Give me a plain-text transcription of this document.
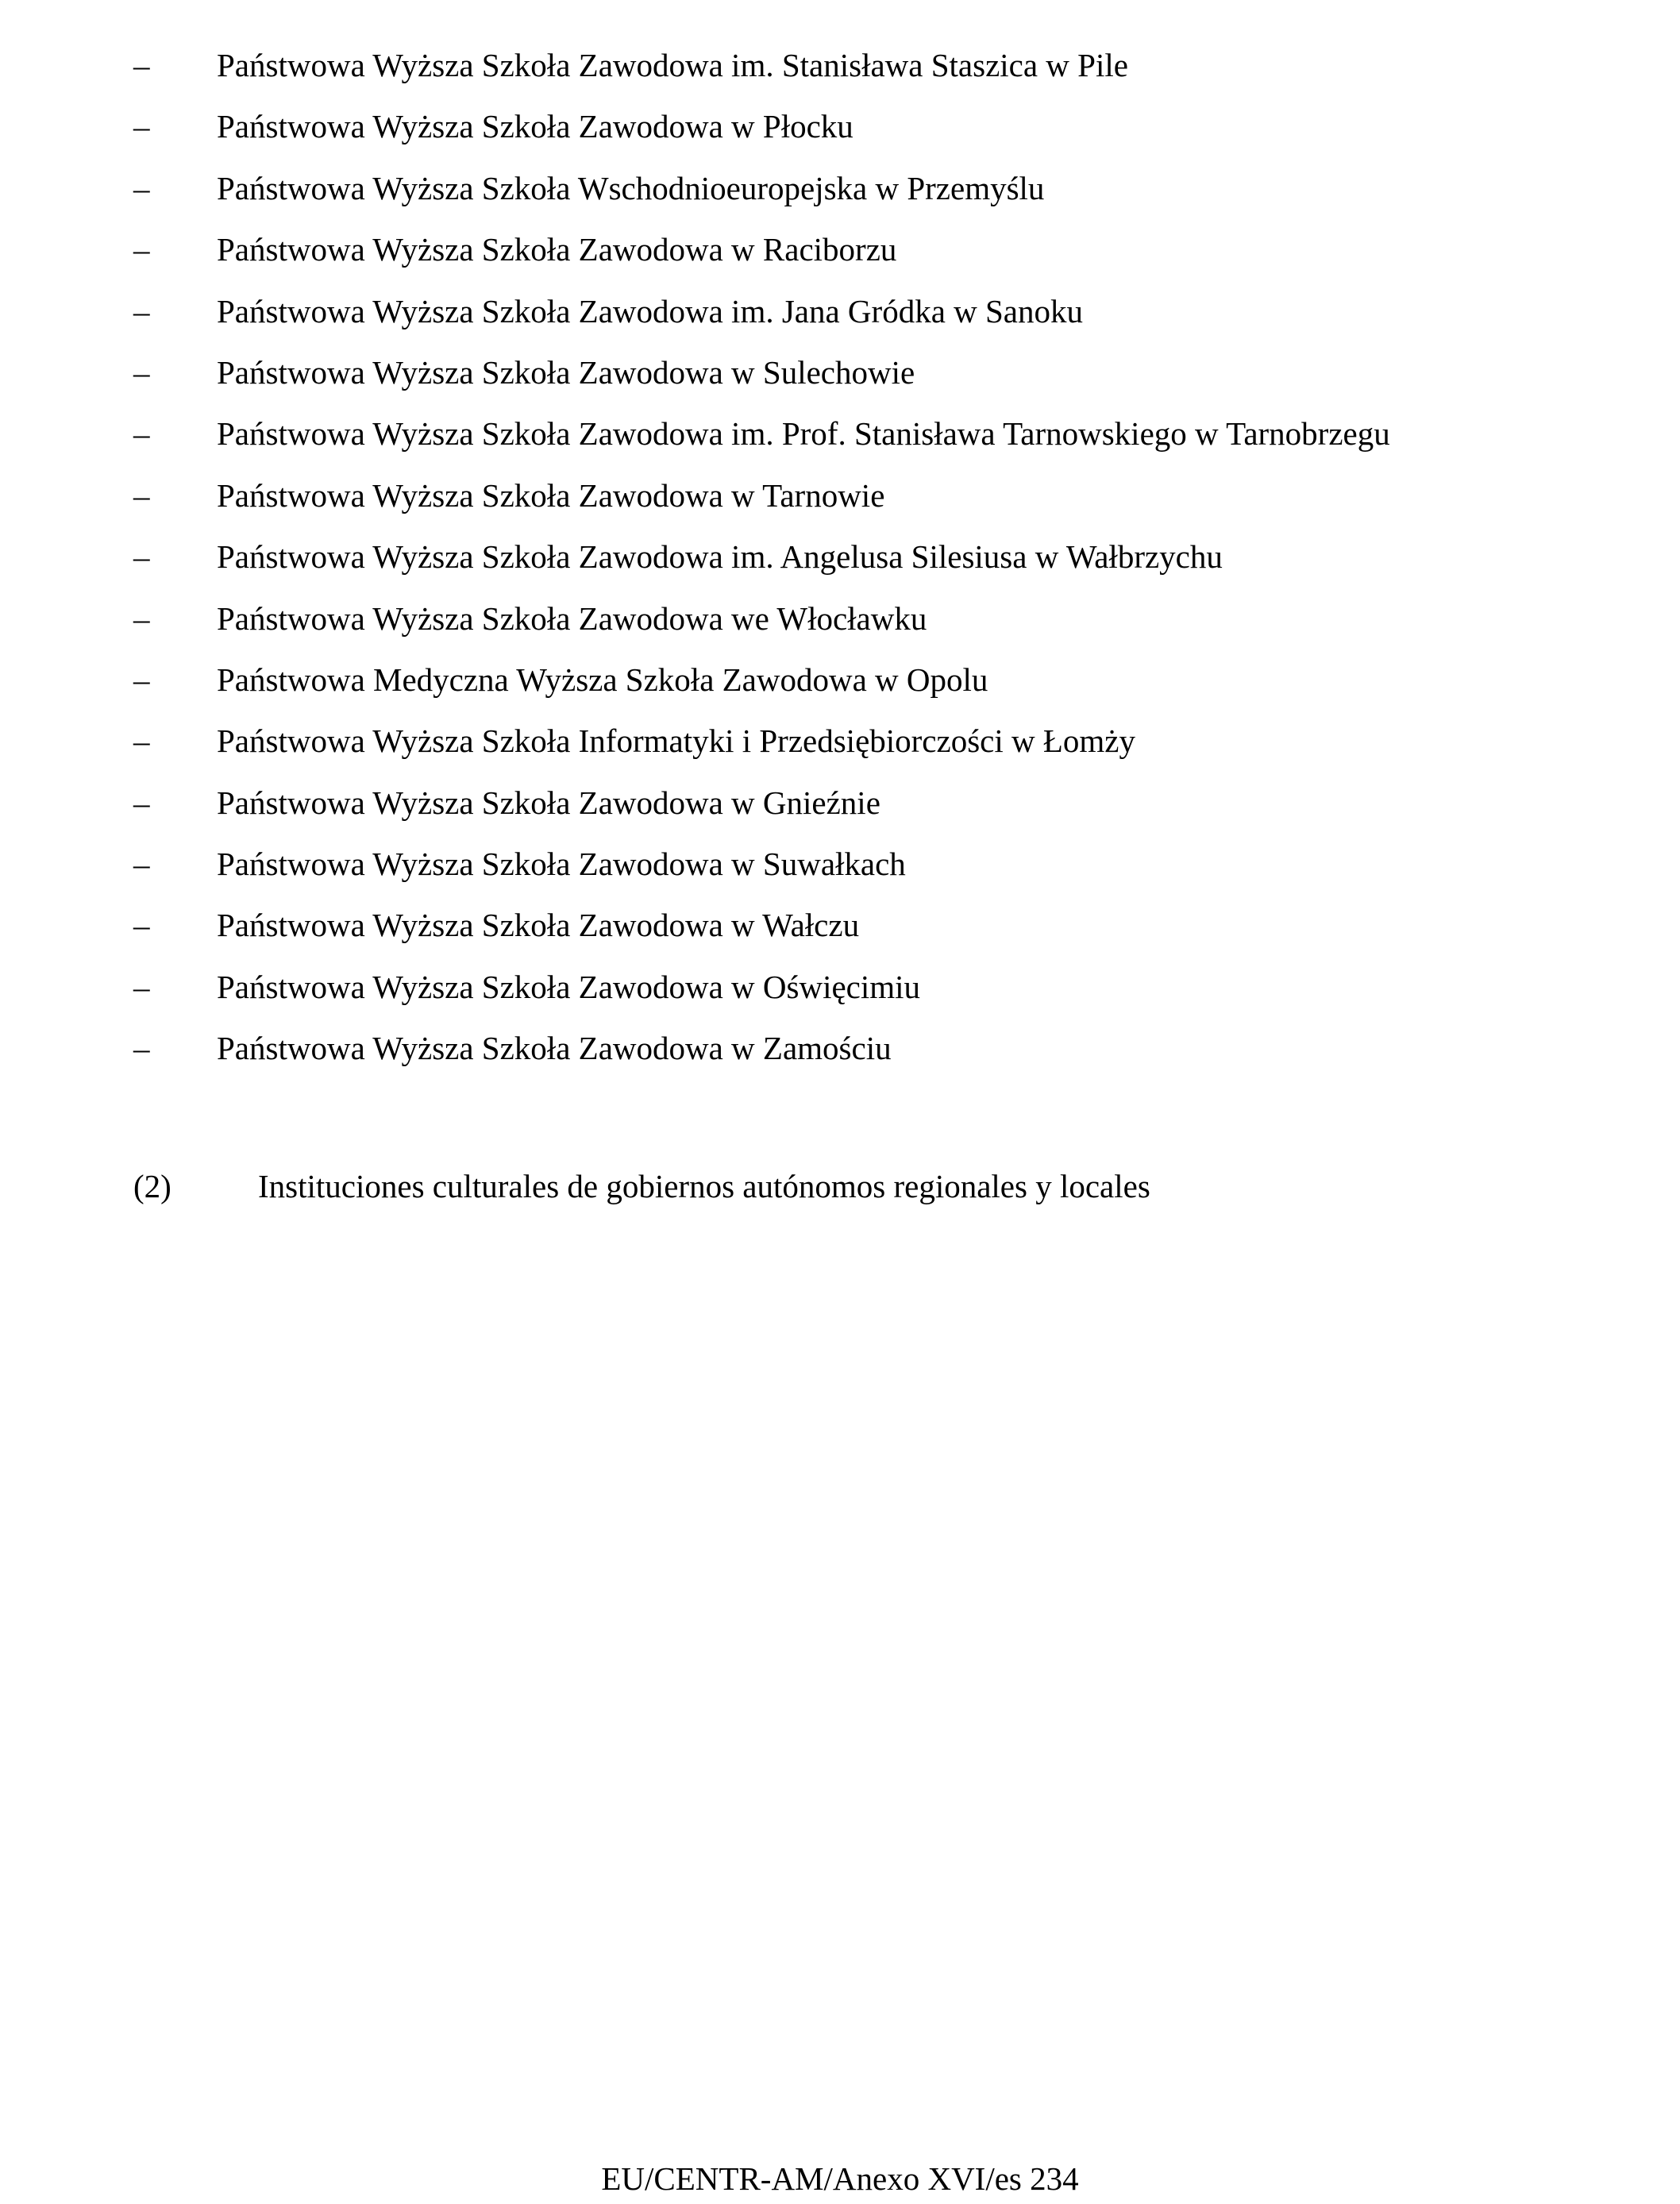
– Państwowa Wyższa Szkoła Zawodowa im. Stanisława Staszica w Pile
– Państwowa Wyższa Szkoła Zawodowa w Płocku
– Państwowa Wyższa Szkoła Wschodnioeuropejska w Przemyślu
– Państwowa Wyższa Szkoła Zawodowa w Raciborzu
– Państwowa Wyższa Szkoła Zawodowa im. Jana Gródka w Sanoku
– Państwowa Wyższa Szkoła Zawodowa w Sulechowie
– Państwowa Wyższa Szkoła Zawodowa im. Prof. Stanisława Tarnowskiego w Tarnobrzegu
– Państwowa Wyższa Szkoła Zawodowa w Tarnowie
– Państwowa Wyższa Szkoła Zawodowa im. Angelusa Silesiusa w Wałbrzychu
– Państwowa Wyższa Szkoła Zawodowa we Włocławku
– Państwowa Medyczna Wyższa Szkoła Zawodowa w Opolu
– Państwowa Wyższa Szkoła Informatyki i Przedsiębiorczości w Łomży
– Państwowa Wyższa Szkoła Zawodowa w Gnieźnie
– Państwowa Wyższa Szkoła Zawodowa w Suwałkach
– Państwowa Wyższa Szkoła Zawodowa w Wałczu
– Państwowa Wyższa Szkoła Zawodowa w Oświęcimiu
– Państwowa Wyższa Szkoła Zawodowa w Zamościu
(2)	Instituciones culturales de gobiernos autónomos regionales y locales
EU/CENTR-AM/Anexo XVI/es 234
